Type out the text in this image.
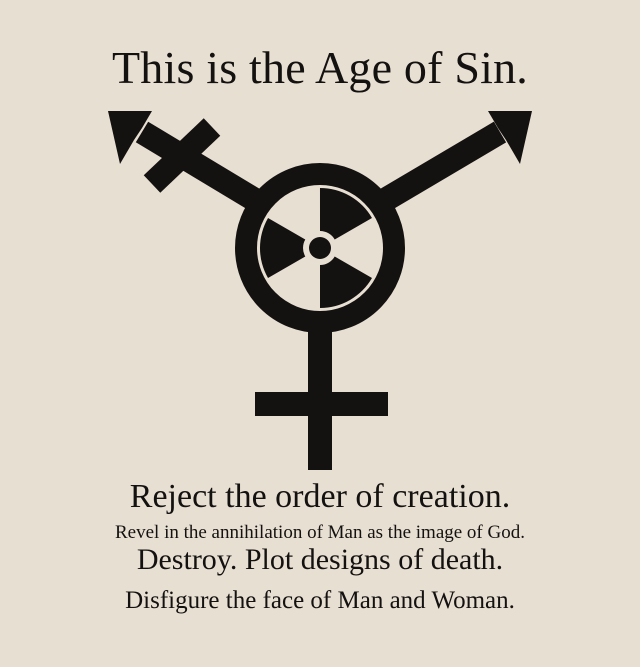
This is the Age of Sin.
Reject the order of creation.
Revel in the annihilation of Man as the image of God.
Destroy. Plot designs of death.
Disfigure the face of Man and Woman.
